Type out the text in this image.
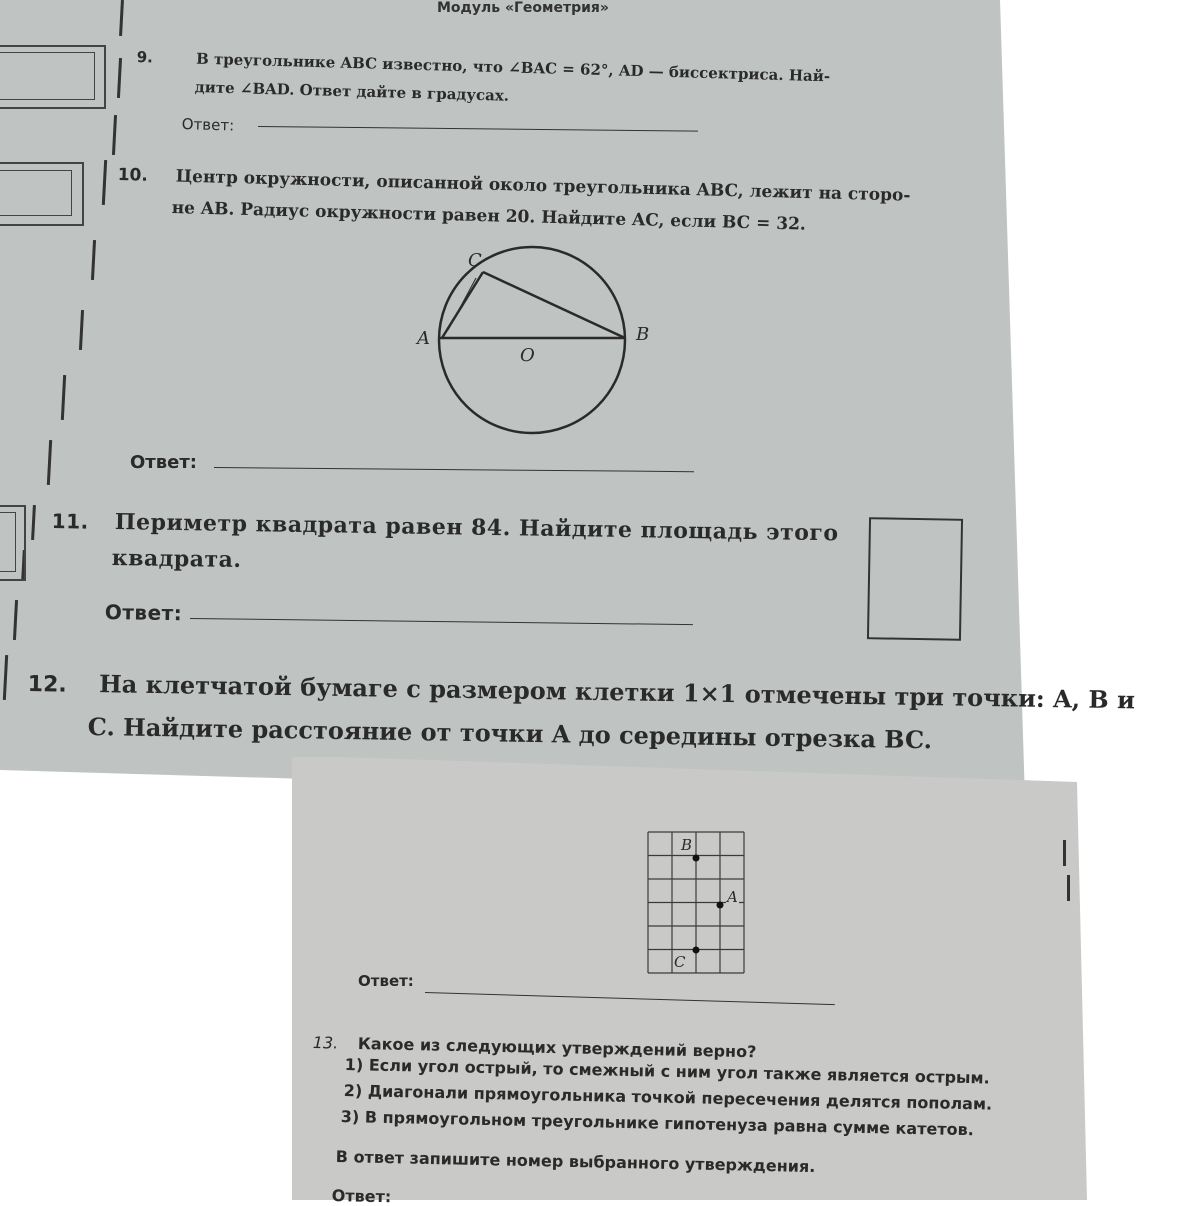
Модуль «Геометрия»
9.	В треугольнике ABC известно, что ∠BAC = 62°, AD — биссектриса. Най-
дите ∠BAD. Ответ дайте в градусах.
Ответ:
10. Центр окружности, описанной около треугольника ABC, лежит на сторо-
не AB. Радиус окружности равен 20. Найдите AC, если BC = 32.
C
A	B
O
Ответ:
11. Периметр квадрата равен 84. Найдите площадь этого
квадрата.
Ответ:
12. На клетчатой бумаге с размером клетки 1×1 отмечены три точки: A, B и
C. Найдите расстояние от точки A до середины отрезка BC.
B
A
C
Ответ:
13. Какое из следующих утверждений верно?
1) Если угол острый, то смежный с ним угол также является острым.
2) Диагонали прямоугольника точкой пересечения делятся пополам.
3) В прямоугольном треугольнике гипотенуза равна сумме катетов.
В ответ запишите номер выбранного утверждения.
Ответ:
